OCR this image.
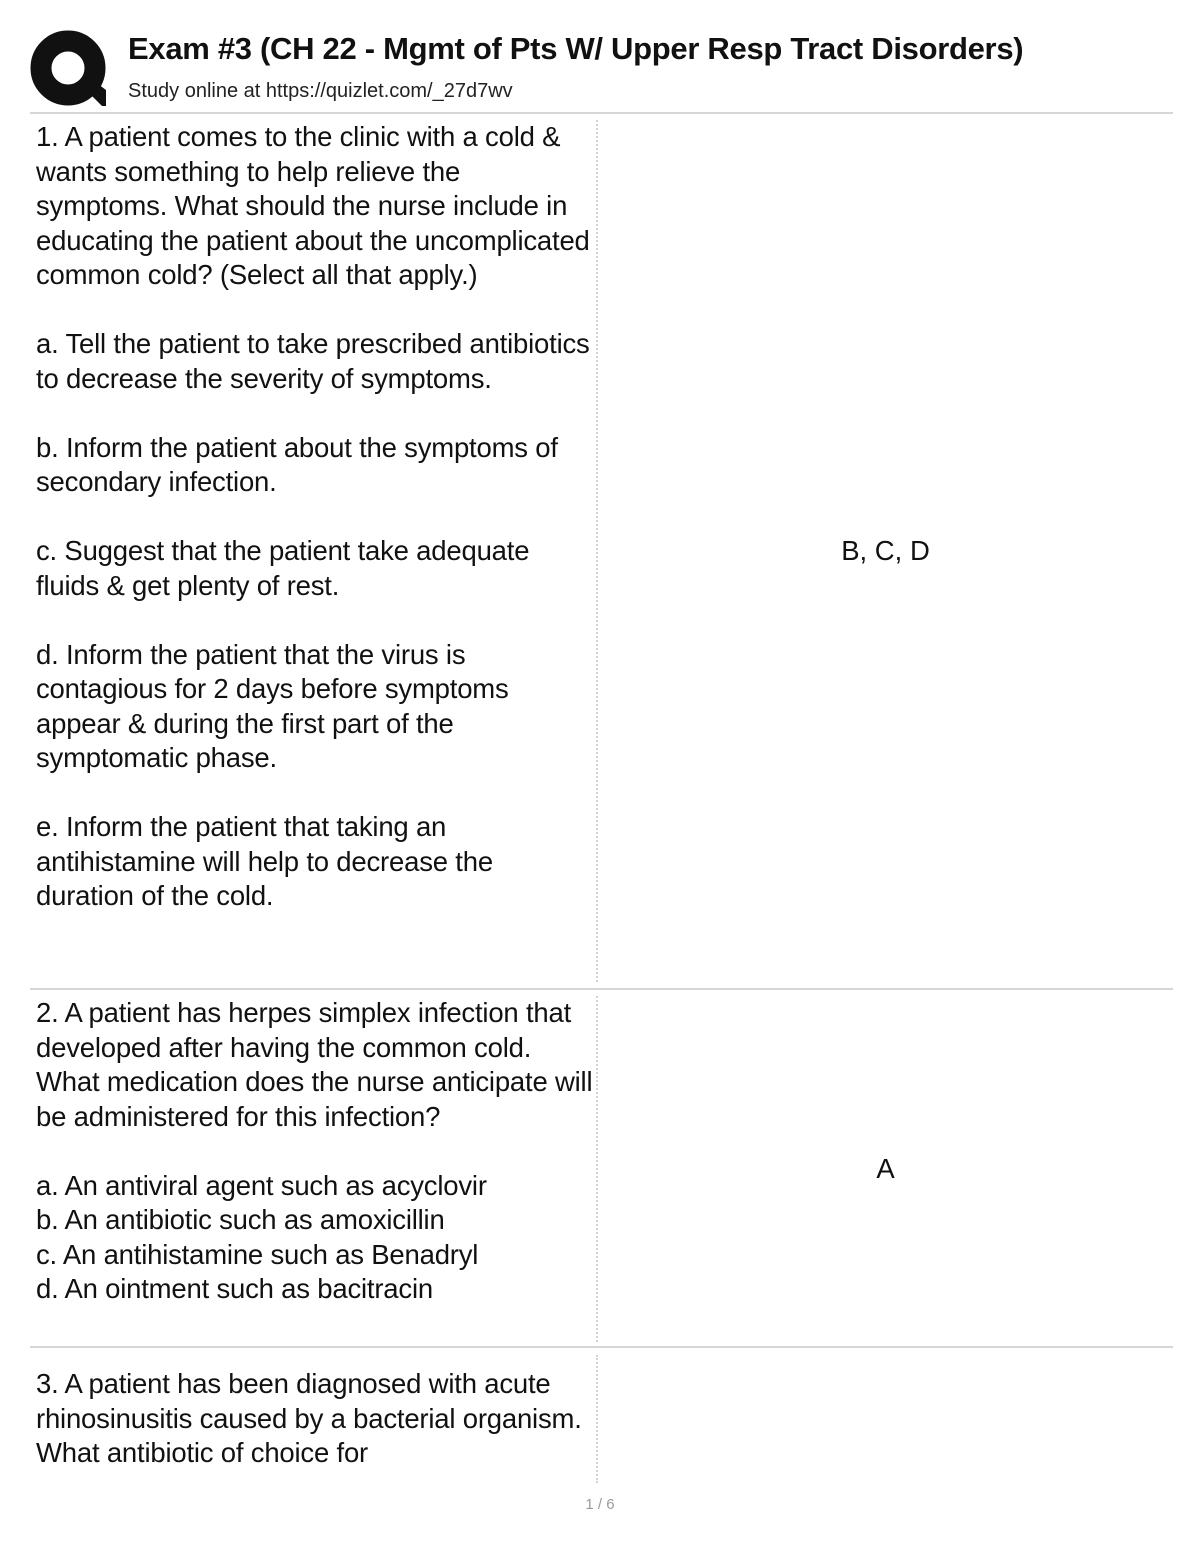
Exam #3 (CH 22 - Mgmt of Pts W/ Upper Resp Tract Disorders)
Study online at https://quizlet.com/_27d7wv

1. A patient comes to the clinic with a cold & wants something to help relieve the symptoms. What should the nurse include in educating the patient about the uncomplicated common cold? (Select all that apply.)

a. Tell the patient to take prescribed antibiotics to decrease the severity of symptoms.

b. Inform the patient about the symptoms of secondary infection.

c. Suggest that the patient take adequate fluids & get plenty of rest.

d. Inform the patient that the virus is contagious for 2 days before symptoms appear & during the first part of the symptomatic phase.

e. Inform the patient that taking an antihistamine will help to decrease the duration of the cold.

B, C, D

2. A patient has herpes simplex infection that developed after having the common cold. What medication does the nurse anticipate will be administered for this infection?

a. An antiviral agent such as acyclovir

b. An antibiotic such as amoxicillin

c. An antihistamine such as Benadryl

d. An ointment such as bacitracin

A

3. A patient has been diagnosed with acute rhinosinusitis caused by a bacterial organism. What antibiotic of choice for

1 / 6
